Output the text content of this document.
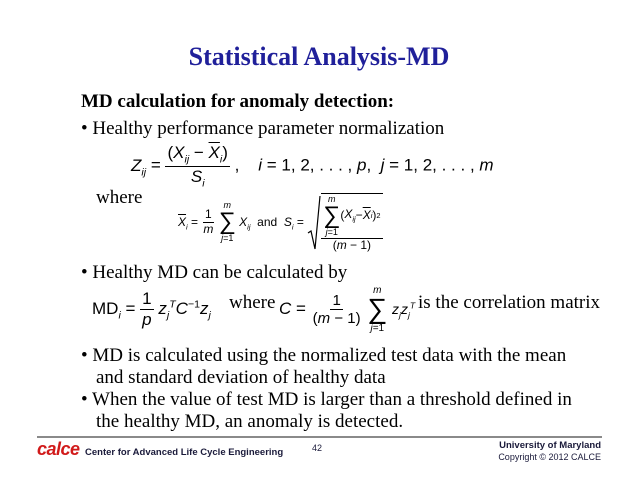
Statistical Analysis-MD
MD calculation for anomaly detection:
• Healthy performance parameter normalization
$Z_{ij} = \frac{(X_{ij} - \overline{X}_i)}{S_i}$ ,    i = 1, 2, . . . , p,  j = 1, 2, . . . , m
where
$\overline{X}_i = \frac{1}{m}$

m
∑
j=1
$X_{ij}$ and $S_i = m$
∑
j=1
( $X_{ij} - \overline{X}$ i ) 2
(m − 1)
• Healthy MD can be calculated by
$MD_i = \frac{1}{p} z_j^TC^{-1}z_j$
where $C = \frac{1}{(m - 1)}$

m
∑
j=1
$z_jz_j^T$ is the correlation matrix
• MD is calculated using the normalized test data with the mean
and standard deviation of healthy data
• When the value of test MD is larger than a threshold defined in
the healthy MD, an anomaly is detected.
calce Center for Advanced Life Cycle Engineering	42	University of Maryland
Copyright © 2012 CALCE
